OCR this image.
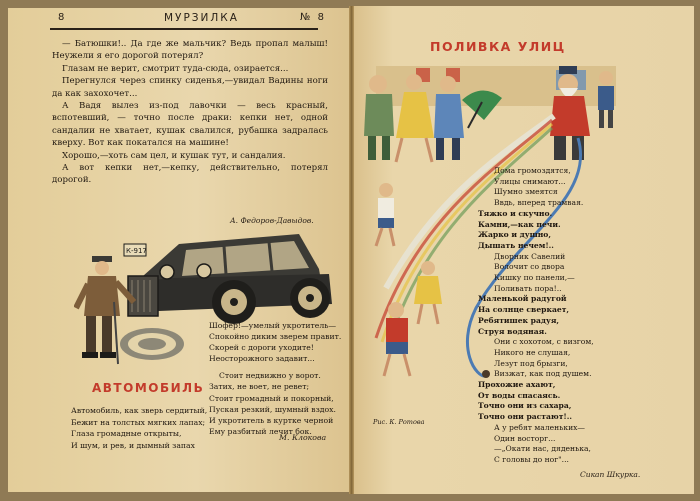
8	МУРЗИЛКА	№ 8

— Батюшки!.. Да где же мальчик? Ведь пропал малыш! Неужели я его дорогой потерял?

Глазам не верит, смотрит туда-сюда, озирается...

Перегнулся через спинку сиденья,—увидал Вадины ноги да как захохочет...

А Вадя вылез из-под лавочки — весь красный, вспотевший, — точно после драки: кепки нет, одной сандалии не хватает, кушак свалился, рубашка задралась кверху. Вот как покатался на машине!

Хорошо,—хоть сам цел, и кушак тут, и сандалия.

А вот кепки нет,—кепку, действительно, потерял дорогой.

А. Федоров-Давыдов.
К-917
АВТОМОБИЛЬ
Автомобиль, как зверь сердитый,
Бежит на толстых мягких лапах;
Глаза громадные открыты,
И шум, и рев, и дымный запах
Шофер!—умелый укротитель—
Спокойно диким зверем правит.
Скорей с дороги уходите!
Неосторожного задавит...
Стоит недвижно у ворот.
Затих, не воет, не ревет;
Стоит громадный и покорный,
Пуская резкий, шумный вздох.
И укротитель в куртке черной
Ему разбитый лечит бок.
М. Клокова
ПОЛИВКА УЛИЦ
Рис. К. Ротова
Дома громоздятся,
Улицы снимают...
Шумно змеятся
Ввдь, вперед трамвая.
Тяжко и скучно.
Камни,—как печи.
Жарко и душно,
Дышать нечем!..
Дворник Савелий
Волочит со двора
Кишку по панели,—
Поливать пора!..
Маленькой радугой
На солнце сверкает,
Ребятишек радуя,
Струя водяная.
Они с хохотом, с визгом,
Никого не слушая,
Лезут под брызги,
Визжат, как под душем.
Прохожие ахают,
От воды спасаясь.
Точно они из сахара,
Точно они растают!..
А у ребят маленьких—
Один восторг...
—„Окати нас, дяденька,
С головы до ног"...
Сикап Шкурка.
